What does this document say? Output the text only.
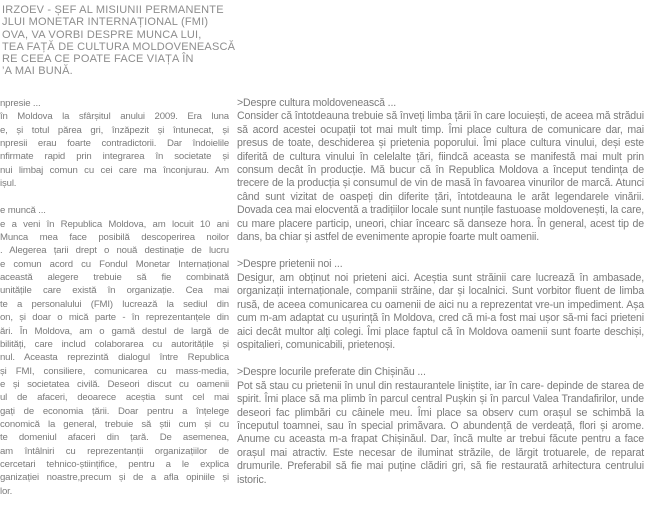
IRZOEV - ȘEF AL MISIUNII PERMANENTE
JLUI MONETAR INTERNAȚIONAL (FMI)
OVA, VA VORBI DESPRE MUNCA LUI,
TEA FAȚĂ DE CULTURA MOLDOVENEASCĂ
RE CEEA CE POATE FACE VIAȚA ÎN
’A MAI BUNĂ.
npresie ...
în Moldova la sfârșitul anului 2009. Era luna
e, și totul părea gri, înzăpezit și întunecat, și
npresii erau foarte contradictorii. Dar îndoielile
nfirmate rapid prin integrarea în societate și
nui limbaj comun cu cei care ma înconjurau. Am
ișul.
e muncă ...
e a veni în Republica Moldova, am locuit 10 ani
Munca mea face posibilă descoperirea noilor
. Alegerea țarii drept o nouă destinație de lucru
e comun acord cu Fondul Monetar Internațional
această alegere trebuie să fie combinată
unitățile care există în organizație. Cea mai
te a personalului (FMI) lucrează la sediul din
on, și doar o mică parte - în reprezentanțele din
ări. În Moldova, am o gamă destul de largă de
bilități, care includ colaborarea cu autoritățile și
nul. Aceasta reprezintă dialogul între Republica
și FMI, consiliere, comunicarea cu mass-media,
e și societatea civilă. Deseori discut cu oamenii
ul de afaceri, deoarece aceștia sunt cel mai
gați de economia țării. Doar pentru a înțelege
conomică la general, trebuie să știi cum și cu
te domeniul afaceri din țară. De asemenea,
am întâlniri cu reprezentanții organizațiilor de
cercetari tehnico-științifice, pentru a le explica
ganizației noastre,precum și de a afla opiniile și
lor.
>Despre cultura moldovenească ...
Consider că întotdeauna trebuie să înveți limba țării în care locuiești, de aceea mă strădui să acord acestei ocupații tot mai mult timp. Îmi place cultura de comunicare dar, mai presus de toate, deschiderea și prietenia poporului. Îmi place cultura vinului, deși este diferită de cultura vinului în celelalte țări, fiindcă aceasta se manifestă mai mult prin consum decât în producție. Mă bucur că în Republica Moldova a început tendința de trecere de la producția și consumul de vin de masă în favoarea vinurilor de marcă. Atunci când sunt vizitat de oaspeți din diferite țări, întotdeauna le arăt legendarele vinării. Dovada cea mai elocventă a tradițiilor locale sunt nunțile fastuoase moldovenești, la care, cu mare placere particip, uneori, chiar încearc să danseze hora. În general, acest tip de dans, ba chiar și astfel de evenimente apropie foarte mult oamenii.
>Despre prietenii noi ...
Desigur, am obținut noi prieteni aici. Aceștia sunt străinii care lucrează în ambasade, organizații internaționale, companii străine, dar și localnici. Sunt vorbitor fluent de limba rusă, de aceea comunicarea cu oamenii de aici nu a reprezentat vre-un impediment. Așa cum m-am adaptat cu ușurință în Moldova, cred că mi-a fost mai ușor să-mi faci prieteni aici decât multor alți colegi. Îmi place faptul că în Moldova oamenii sunt foarte deschiși, ospitalieri, comunicabili, prietenoși.
>Despre locurile preferate din Chișinău ...
Pot să stau cu prietenii în unul din restaurantele liniștite, iar în care- depinde de starea de spirit. Îmi place să ma plimb în parcul central Pușkin și în parcul Valea Trandafirilor, unde deseori fac plimbări cu câinele meu. Îmi place sa observ cum orașul se schimbă la începutul toamnei, sau în special primăvara. O abundență de verdeață, flori și arome. Anume cu aceasta m-a frapat Chișinăul. Dar, încă multe ar trebui făcute pentru a face orașul mai atractiv. Este necesar de iluminat străzile, de lărgit trotuarele, de reparat drumurile. Preferabil să fie mai puține clădiri gri, să fie restaurată arhitectura centrului istoric.
